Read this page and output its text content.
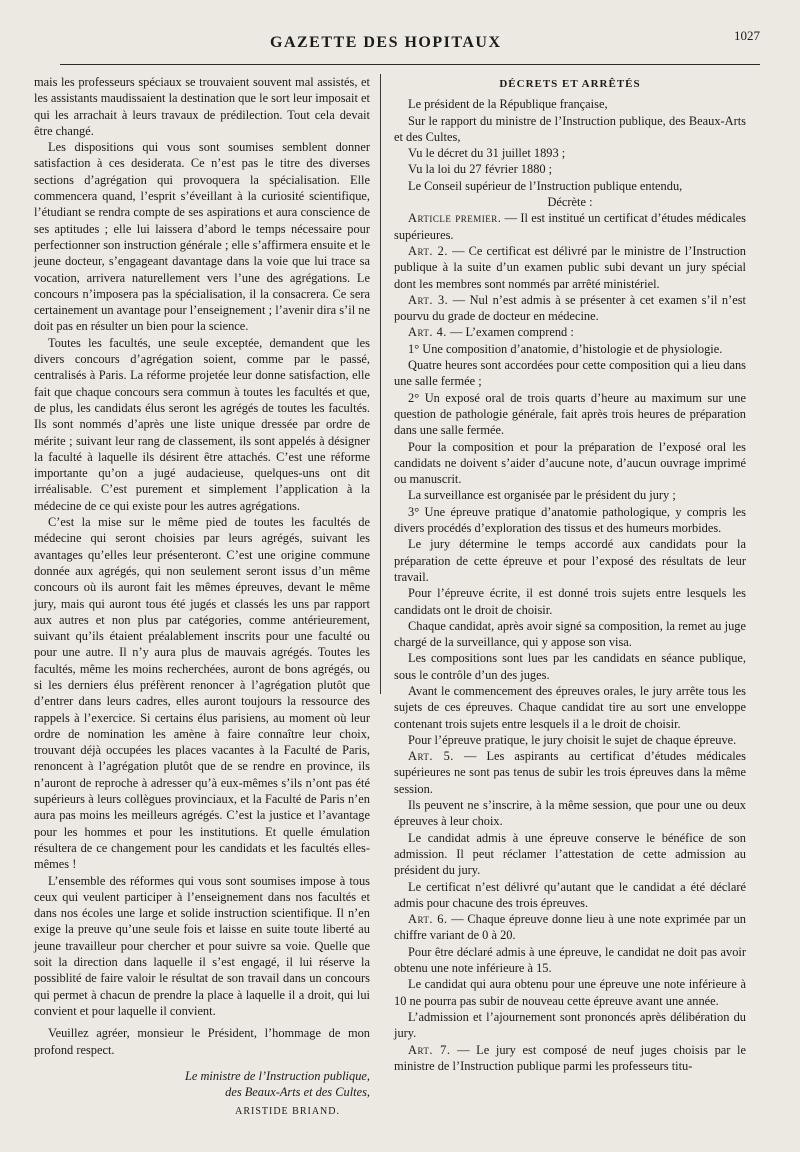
GAZETTE DES HOPITAUX	1027

mais les professeurs spéciaux se trouvaient souvent mal assistés, et les assistants maudissaient la destination que le sort leur imposait et qui les arrachait à leurs travaux de prédilection. Tout cela devait être changé.

Les dispositions qui vous sont soumises semblent donner satisfaction à ces desiderata. Ce n’est pas le titre des diverses sections d’agrégation qui provoquera la spécialisation. Elle commencera quand, l’esprit s’éveillant à la curiosité scientifique, l’étudiant se rendra compte de ses aspirations et aura conscience de ses aptitudes ; elle lui laissera d’abord le temps nécessaire pour perfectionner son instruction générale ; elle s’affirmera ensuite et le jeune docteur, s’engageant davantage dans la voie que lui trace sa vocation, arrivera naturellement vers l’une des agrégations. Le concours n’imposera pas la spécialisation, il la consacrera. Ce sera certainement un avantage pour l’enseignement ; l’avenir dira s’il ne doit pas en résulter un bien pour la science.

Toutes les facultés, une seule exceptée, demandent que les divers concours d’agrégation soient, comme par le passé, centralisés à Paris. La réforme projetée leur donne satisfaction, elle fait que chaque concours sera commun à toutes les facultés et que, de plus, les candidats élus seront les agrégés de toutes les facultés. Ils sont nommés d’après une liste unique dressée par ordre de mérite ; suivant leur rang de classement, ils sont appelés à désigner la faculté à laquelle ils désirent être attachés. C’est une réforme importante qu’on a jugé audacieuse, quelques-uns ont dit irréalisable. C’est purement et simplement l’application à la médecine de ce qui existe pour les autres agrégations.

C’est la mise sur le même pied de toutes les facultés de médecine qui seront choisies par leurs agrégés, suivant les avantages qu’elles leur présenteront. C’est une origine commune donnée aux agrégés, qui non seulement seront issus d’un même concours où ils auront fait les mêmes épreuves, devant le même jury, mais qui auront tous été jugés et classés les uns par rapport aux autres et non plus par catégories, comme antérieurement, suivant qu’ils étaient préalablement inscrits pour une faculté ou pour une autre. Il n’y aura plus de mauvais agrégés. Toutes les facultés, même les moins recherchées, auront de bons agrégés, ou si les derniers élus préfèrent renoncer à l’agrégation plutôt que d’entrer dans leurs cadres, elles auront toujours la ressource des rappels à l’exercice. Si certains élus parisiens, au moment où leur ordre de nomination les amène à faire connaître leur choix, trouvant déjà occupées les places vacantes à la Faculté de Paris, renoncent à l’agrégation plutôt que de se rendre en province, ils n’auront de reproche à adresser qu’à eux-mêmes s’ils n’ont pas été supérieurs à leurs collègues provinciaux, et la Faculté de Paris n’en aura pas moins les meilleurs agrégés. C’est la justice et l’avantage pour les hommes et pour les institutions. Et quelle émulation résultera de ce changement pour les candidats et les facultés elles-mêmes !

L’ensemble des réformes qui vous sont soumises impose à tous ceux qui veulent participer à l’enseignement dans nos facultés et dans nos écoles une large et solide instruction scientifique. Il n’en exige la preuve qu’une seule fois et laisse en suite toute liberté au jeune travailleur pour chercher et pour suivre sa voie. Quelle que soit la direction dans laquelle il s’est engagé, il lui réserve la possiblité de faire valoir le résultat de son travail dans un concours qui permet à chacun de prendre la place à laquelle il a droit, qui lui convient et pour laquelle il convient.

Veuillez agréer, monsieur le Président, l’hommage de mon profond respect.

Le ministre de l’Instruction publique,
des Beaux-Arts et des Cultes,

ARISTIDE BRIAND.

DÉCRETS ET ARRÊTÉS

Le président de la République française,

Sur le rapport du ministre de l’Instruction publique, des Beaux-Arts et des Cultes,

Vu le décret du 31 juillet 1893 ;

Vu la loi du 27 février 1880 ;

Le Conseil supérieur de l’Instruction publique entendu,

Décrète :

Article premier. — Il est institué un certificat d’études médicales supérieures.

Art. 2. — Ce certificat est délivré par le ministre de l’Instruction publique à la suite d’un examen public subi devant un jury spécial dont les membres sont nommés par arrêté ministériel.

Art. 3. — Nul n’est admis à se présenter à cet examen s’il n’est pourvu du grade de docteur en médecine.

Art. 4. — L’examen comprend :

1° Une composition d’anatomie, d’histologie et de physiologie.

Quatre heures sont accordées pour cette composition qui a lieu dans une salle fermée ;

2° Un exposé oral de trois quarts d’heure au maximum sur une question de pathologie générale, fait après trois heures de préparation dans une salle fermée.

Pour la composition et pour la préparation de l’exposé oral les candidats ne doivent s’aider d’aucune note, d’aucun ouvrage imprimé ou manuscrit.

La surveillance est organisée par le président du jury ;

3° Une épreuve pratique d’anatomie pathologique, y compris les divers procédés d’exploration des tissus et des humeurs morbides.

Le jury détermine le temps accordé aux candidats pour la préparation de cette épreuve et pour l’exposé des résultats de leur travail.

Pour l’épreuve écrite, il est donné trois sujets entre lesquels les candidats ont le droit de choisir.

Chaque candidat, après avoir signé sa composition, la remet au juge chargé de la surveillance, qui y appose son visa.

Les compositions sont lues par les candidats en séance publique, sous le contrôle d’un des juges.

Avant le commencement des épreuves orales, le jury arrête tous les sujets de ces épreuves. Chaque candidat tire au sort une enveloppe contenant trois sujets entre lesquels il a le droit de choisir.

Pour l’épreuve pratique, le jury choisit le sujet de chaque épreuve.

Art. 5. — Les aspirants au certificat d’études médicales supérieures ne sont pas tenus de subir les trois épreuves dans la même session.

Ils peuvent ne s’inscrire, à la même session, que pour une ou deux épreuves à leur choix.

Le candidat admis à une épreuve conserve le bénéfice de son admission. Il peut réclamer l’attestation de cette admission au président du jury.

Le certificat n’est délivré qu’autant que le candidat a été déclaré admis pour chacune des trois épreuves.

Art. 6. — Chaque épreuve donne lieu à une note exprimée par un chiffre variant de 0 à 20.

Pour être déclaré admis à une épreuve, le candidat ne doit pas avoir obtenu une note inférieure à 15.

Le candidat qui aura obtenu pour une épreuve une note inférieure à 10 ne pourra pas subir de nouveau cette épreuve avant une année.

L’admission et l’ajournement sont prononcés après délibération du jury.

Art. 7. — Le jury est composé de neuf juges choisis par le ministre de l’Instruction publique parmi les professeurs titu-
